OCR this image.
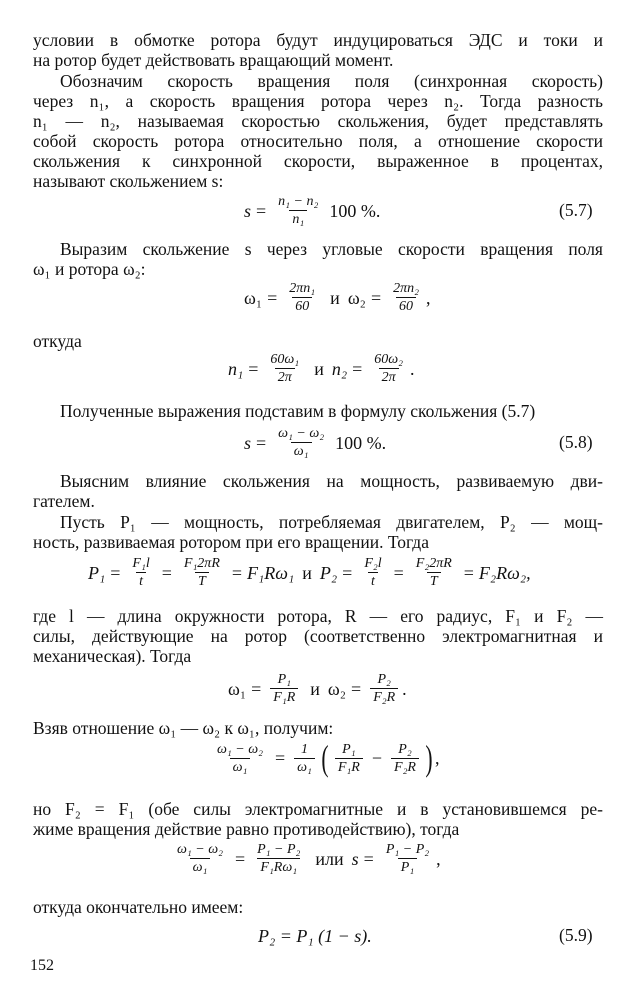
условии в обмотке ротора будут индуцироваться ЭДС и токи и

на ротор будет действовать вращающий момент.

Обозначим скорость вращения поля (синхронная скорость)

через n₁, а скорость вращения ротора через n₂. Тогда разность

n₁ — n₂, называемая скоростью скольжения, будет представлять

собой скорость ротора относительно поля, а отношение скорости

скольжения к синхронной скорости, выраженное в процентах,

называют скольжением s:

$s = \frac{\text{n₁ − n₂}}{\text{n₁}} 100$ %.	(5.7)

Выразим скольжение s через угловые скорости вращения поля

ω₁ и ротора ω₂:

$\omega_1 = \frac{\text{2πn₁}}{60}$ и $\omega_2 = \frac{\text{2πn₂}}{60}$ ,

откуда

$n_1 = \frac{\text{60ω₁}}{2\pi}$ и $n_2 = \frac{\text{60ω₂}}{2\pi}$ .

Полученные выражения подставим в формулу скольжения (5.7)

$s = \frac{\text{ω₁ − ω₂}}{\text{ω₁}} 100$ %.	(5.8)

Выясним влияние скольжения на мощность, развиваемую дви-

гателем.

Пусть P₁ — мощность, потребляемая двигателем, P₂ — мощ-

ность, развиваемая ротором при его вращении. Тогда

$P_1 = \frac{\text{F₁l}}{t} = \frac{\text{F₁2πR}}{T} = F_1R\omega_1$ и $P_2 = \frac{\text{F₂l}}{t} = \frac{\text{F₂2πR}}{T} = F_2R\omega_2$,

где l — длина окружности ротора, R — его радиус, F₁ и F₂ —

силы, действующие на ротор (соответственно электромагнитная и

механическая). Тогда

$\omega_1 = \frac{\text{P₁}}{\text{F₁R}}$ и $\omega_2 = \frac{\text{P₂}}{\text{F₂R}}$ .

Взяв отношение ω₁ — ω₂ к ω₁, получим:

$\frac{\text{ω₁ − ω₂}}{\text{ω₁}} = \frac{1}{\text{ω₁}}$ ( $\frac{\text{P₁}}{\text{F₁R}} - \frac{\text{P₂}}{\text{F₂R}}$ ) ,

но F₂ = F₁ (обе силы электромагнитные и в установившемся ре-

жиме вращения действие равно противодействию), тогда

$\frac{\text{ω₁ − ω₂}}{\text{ω₁}} = \frac{\text{P₁ − P₂}}{\text{F₁Rω₁}}$ или $s = \frac{\text{P₁ − P₂}}{\text{P₁}}$ ,

откуда окончательно имеем:

P₂ = P₁ (1 − s).	(5.9)
152
